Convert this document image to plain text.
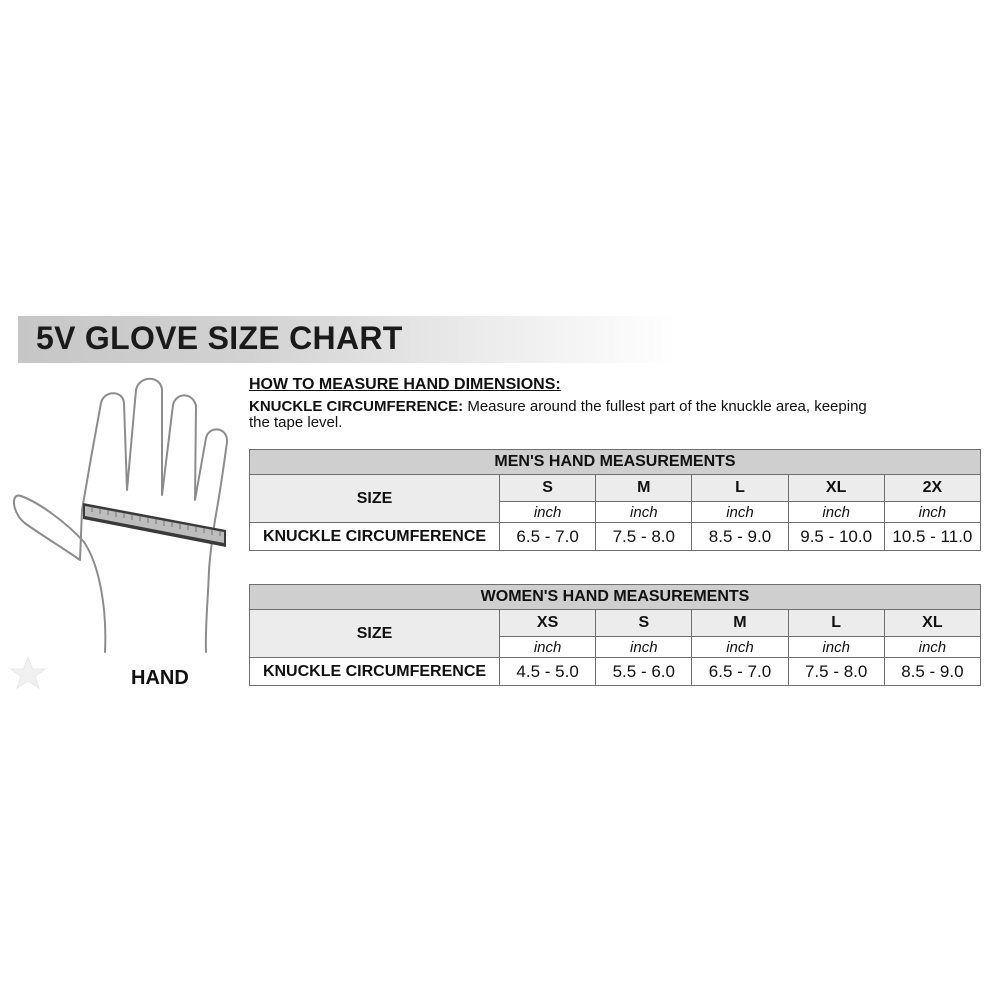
5V GLOVE SIZE CHART
HAND
HOW TO MEASURE HAND DIMENSIONS:
KNUCKLE CIRCUMFERENCE: Measure around the fullest part of the knuckle area, keeping the tape level.
MEN'S HAND MEASUREMENTS					
SIZE	S	M	L	XL	2X
	inch	inch	inch	inch	inch
KNUCKLE CIRCUMFERENCE	6.5 - 7.0	7.5 - 8.0	8.5 - 9.0	9.5 - 10.0	10.5 - 11.0
WOMEN'S HAND MEASUREMENTS					
SIZE	XS	S	M	L	XL
	inch	inch	inch	inch	inch
KNUCKLE CIRCUMFERENCE	4.5 - 5.0	5.5 - 6.0	6.5 - 7.0	7.5 - 8.0	8.5 - 9.0
